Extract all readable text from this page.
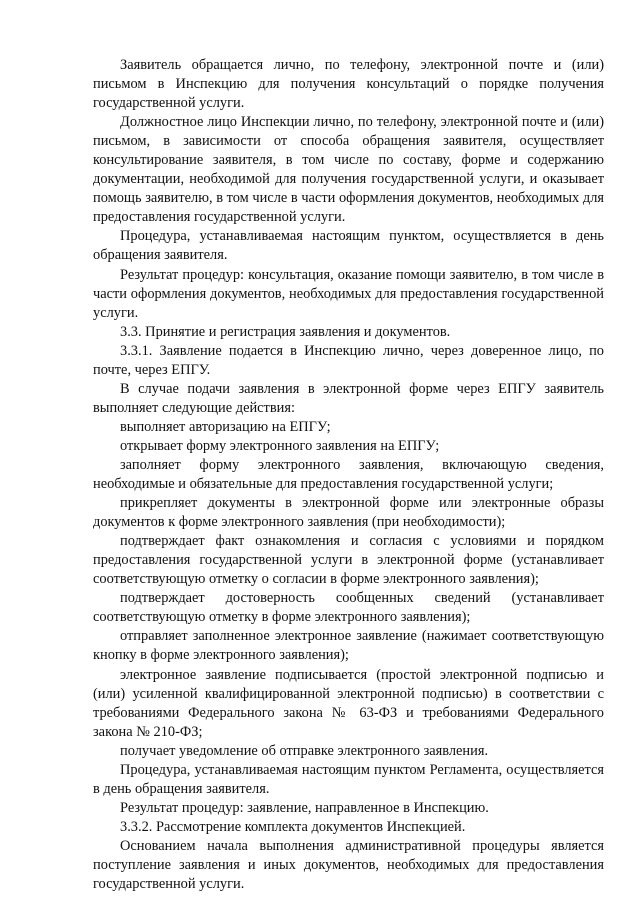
Заявитель обращается лично, по телефону, электронной почте и (или) письмом в Инспекцию для получения консультаций о порядке получения государственной услуги.

Должностное лицо Инспекции лично, по телефону, электронной почте и (или) письмом, в зависимости от способа обращения заявителя, осуществляет консультирование заявителя, в том числе по составу, форме и содержанию документации, необходимой для получения государственной услуги, и оказывает помощь заявителю, в том числе в части оформления документов, необходимых для предоставления государственной услуги.

Процедура, устанавливаемая настоящим пунктом, осуществляется в день обращения заявителя.

Результат процедур: консультация, оказание помощи заявителю, в том числе в части оформления документов, необходимых для предоставления государственной услуги.

3.3. Принятие и регистрация заявления и документов.

3.3.1. Заявление подается в Инспекцию лично, через доверенное лицо, по почте, через ЕПГУ.

В случае подачи заявления в электронной форме через ЕПГУ заявитель выполняет следующие действия:

выполняет авторизацию на ЕПГУ;

открывает форму электронного заявления на ЕПГУ;

заполняет форму электронного заявления, включающую сведения, необходимые и обязательные для предоставления государственной услуги;

прикрепляет документы в электронной форме или электронные образы документов к форме электронного заявления (при необходимости);

подтверждает факт ознакомления и согласия с условиями и порядком предоставления государственной услуги в электронной форме (устанавливает соответствующую отметку о согласии в форме электронного заявления);

подтверждает достоверность сообщенных сведений (устанавливает соответствующую отметку в форме электронного заявления);

отправляет заполненное электронное заявление (нажимает соответствующую кнопку в форме электронного заявления);

электронное заявление подписывается (простой электронной подписью и (или) усиленной квалифицированной электронной подписью) в соответствии с требованиями Федерального закона № 63-ФЗ и требованиями Федерального закона № 210-ФЗ;

получает уведомление об отправке электронного заявления.

Процедура, устанавливаемая настоящим пунктом Регламента, осуществляется в день обращения заявителя.

Результат процедур: заявление, направленное в Инспекцию.

3.3.2. Рассмотрение комплекта документов Инспекцией.

Основанием начала выполнения административной процедуры является поступление заявления и иных документов, необходимых для предоставления государственной услуги.
